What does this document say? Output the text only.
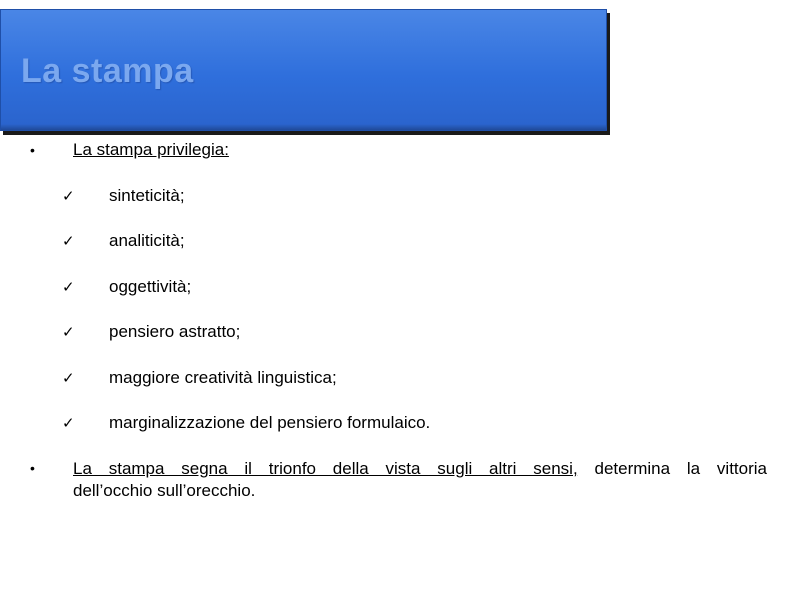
La stampa
• La stampa privilegia:
✓ sinteticità;
✓ analiticità;
✓ oggettività;
✓ pensiero astratto;
✓ maggiore creatività linguistica;
✓ marginalizzazione del pensiero formulaico.
• La stampa segna il trionfo della vista sugli altri sensi, determina la vittoria
dell’occhio sull’orecchio.
